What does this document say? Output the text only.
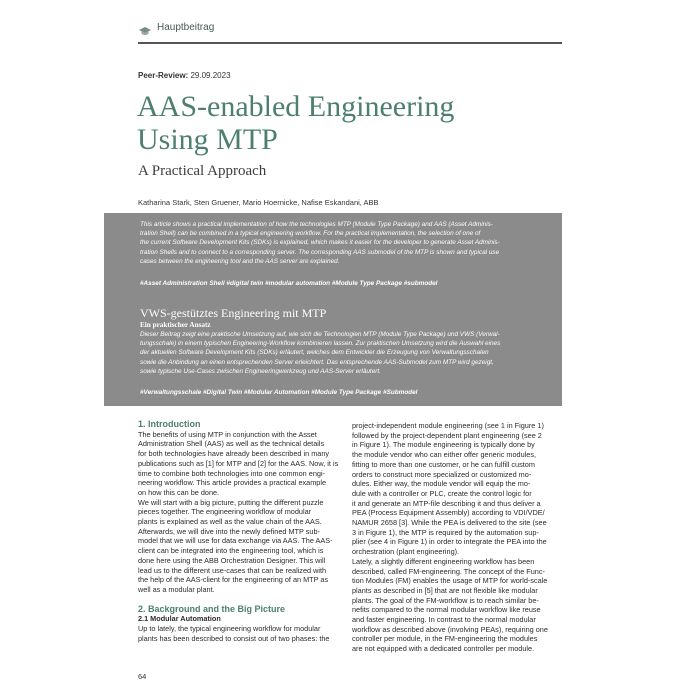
Hauptbeitrag
Peer-Review: 29.09.2023
AAS-enabled Engineering
Using MTP
A Practical Approach
Katharina Stark, Sten Gruener, Mario Hoernicke, Nafise Eskandani, ABB
This article shows a practical implementation of how the technologies MTP (Module Type Package) and AAS (Asset Adminis-
tration Shell) can be combined in a typical engineering workflow. For the practical implementation, the selection of one of
the current Software Development Kits (SDKs) is explained, which makes it easier for the developer to generate Asset Adminis-
tration Shells and to connect to a corresponding server. The corresponding AAS submodel of the MTP is shown and typical use
cases between the engineering tool and the AAS server are explained.
#Asset Administration Shell #digital twin #modular automation #Module Type Package #submodel
VWS-gestütztes Engineering mit MTP
Ein praktischer Ansatz
Dieser Beitrag zeigt eine praktische Umsetzung auf, wie sich die Technologien MTP (Module Type Package) und VWS (Verwal-
tungsschale) in einem typischen Engineering-Workflow kombinieren lassen. Zur praktischen Umsetzung wird die Auswahl eines
der aktuellen Software Development Kits (SDKs) erläutert, welches dem Entwickler die Erzeugung von Verwaltungsschalen
sowie die Anbindung an einen entsprechenden Server erleichtert. Das entsprechende AAS-Submodel zum MTP wird gezeigt,
sowie typische Use-Cases zwischen Engineeringwerkzeug und AAS-Server erläutert.
#Verwaltungsschale #Digital Twin #Modular Automation #Module Type Package #Submodel
1. Introduction
The benefits of using MTP in conjunction with the Asset
Administration Shell (AAS) as well as the technical details
for both technologies have already been described in many
publications such as [1] for MTP and [2] for the AAS. Now, it is
time to combine both technologies into one common engi-
neering workflow. This article provides a practical example
on how this can be done.
We will start with a big picture, putting the different puzzle
pieces together. The engineering workflow of modular
plants is explained as well as the value chain of the AAS.
Afterwards, we will dive into the newly defined MTP sub-
model that we will use for data exchange via AAS. The AAS-
client can be integrated into the engineering tool, which is
done here using the ABB Orchestration Designer. This will
lead us to the different use-cases that can be realized with
the help of the AAS-client for the engineering of an MTP as
well as a modular plant.
2. Background and the Big Picture
2.1 Modular Automation
Up to lately, the typical engineering workflow for modular
plants has been described to consist out of two phases: the
project-independent module engineering (see 1 in Figure 1)
followed by the project-dependent plant engineering (see 2
in Figure 1). The module engineering is typically done by
the module vendor who can either offer generic modules,
fitting to more than one customer, or he can fulfill custom
orders to construct more specialized or customized mo-
dules. Either way, the module vendor will equip the mo-
dule with a controller or PLC, create the control logic for
it and generate an MTP-file describing it and thus deliver a
PEA (Process Equipment Assembly) according to VDI/VDE/
NAMUR 2658 [3]. While the PEA is delivered to the site (see
3 in Figure 1), the MTP is required by the automation sup-
plier (see 4 in Figure 1) in order to integrate the PEA into the
orchestration (plant engineering).
Lately, a slightly different engineering workflow has been
described, called FM-engineering. The concept of the Func-
tion Modules (FM) enables the usage of MTP for world-scale
plants as described in [5] that are not flexible like modular
plants. The goal of the FM-workflow is to reach similar be-
nefits compared to the normal modular workflow like reuse
and faster engineering. In contrast to the normal modular
workflow as described above (involving PEAs), requiring one
controller per module, in the FM-engineering the modules
are not equipped with a dedicated controller per module.
64
